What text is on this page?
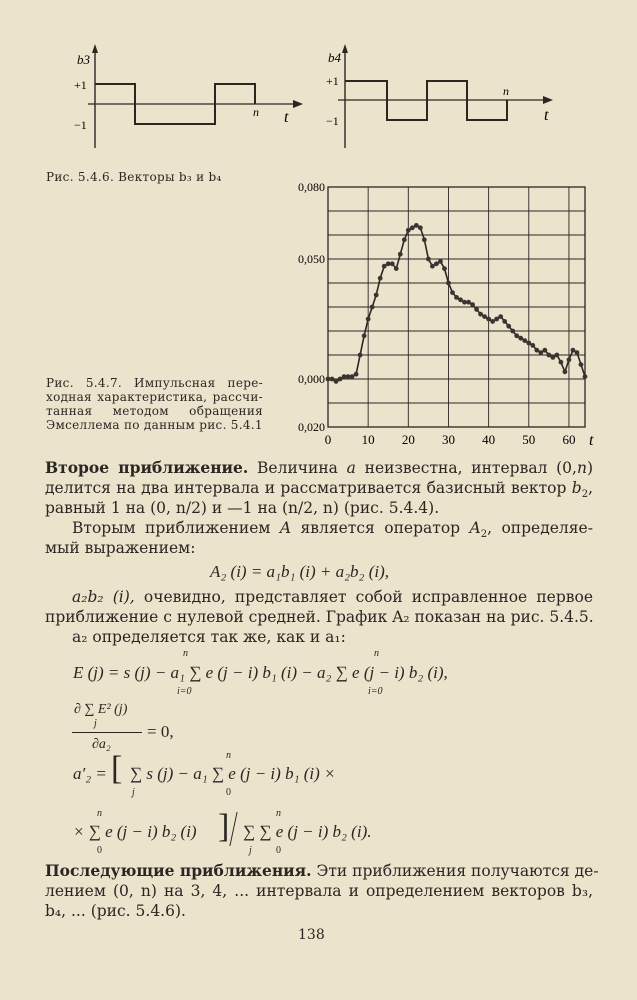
b3
+1
−1
n t
b4
+1
−1
n
t
Рис. 5.4.6. Векторы b₃ и b₄
0 10 20 30 40 50 60 t
0,080
0,050
0,000
0,020
Рис. 5.4.7. Импульсная пере-
ходная характеристика, рассчи-
танная методом обращения
Эмселлема по данным рис. 5.4.1
Второе приближение. Величина a неизвестна, интервал (0,n)
делится на два интервала и рассматривается базисный вектор $b_2$,
равный 1 на (0, n/2) и —1 на (n/2, n) (рис. 5.4.4).
Вторым приближением A является оператор $A_2$, определяе-
мый выражением:
A₂ (i) = a₁b₁ (i) + a₂b₂ (i),
a₂b₂ (i), очевидно, представляет собой исправленное первое
приближение с нулевой средней. График A₂ показан на рис. 5.4.5.
a₂ определяется так же, как и a₁:
E (j) = s (j) − a₁ ∑ e (j − i) b₁ (i) − a₂ ∑ e (j − i) b₂ (i),
n
i=0
n
i=0
∂ ∑ E² (j)
j
∂a₂
= 0,
a′₂ = [ ∑ s (j) − a₁ ∑ e (j − i) b₁ (i) ×
j
n
0
× ∑ e (j − i) b₂ (i)
n
0
] ∑ ∑ e (j − i) b₂ (i).
j
n
0
Последующие приближения. Эти приближения получаются де-
лением (0, n) на 3, 4, ... интервала и определением векторов b₃,
b₄, ... (рис. 5.4.6).
138
